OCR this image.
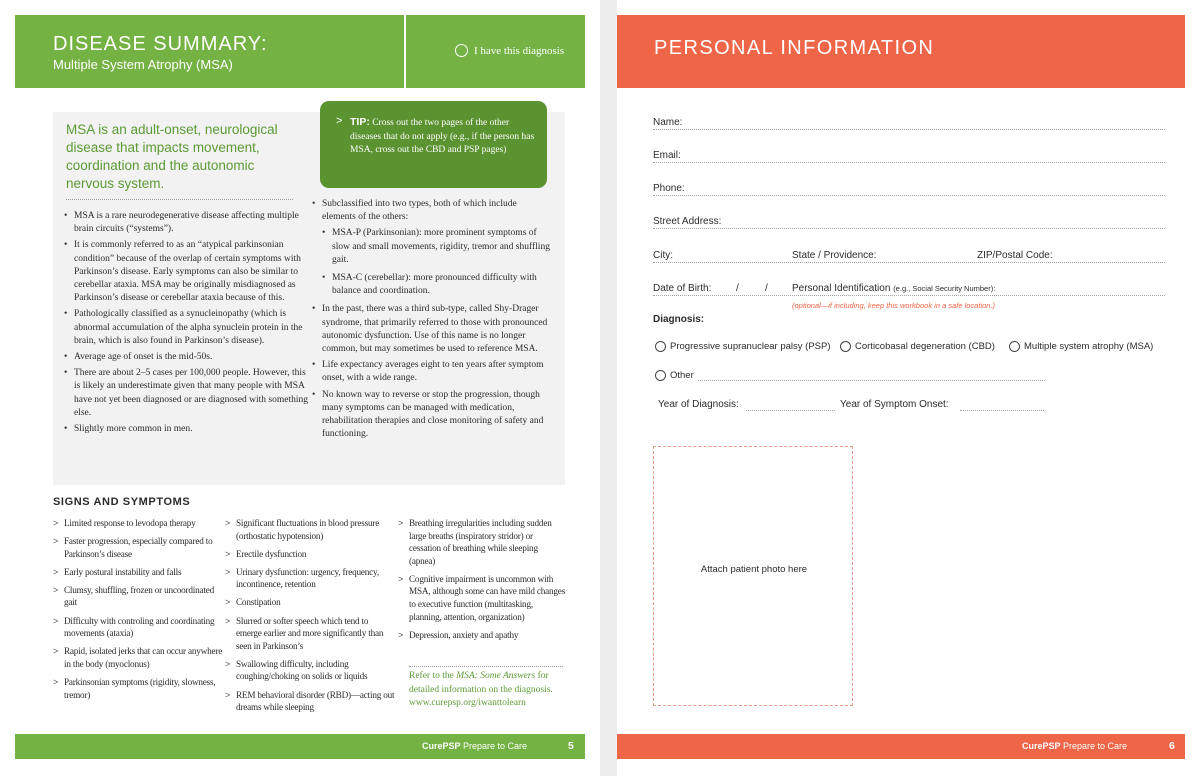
DISEASE SUMMARY:
Multiple System Atrophy (MSA)
I have this diagnosis
MSA is an adult-onset, neurological disease that impacts movement, coordination and the autonomic nervous system.
> TIP: Cross out the two pages of the other diseases that do not apply (e.g., if the person has MSA, cross out the CBD and PSP pages)
• MSA is a rare neurodegenerative disease affecting multiple brain circuits (“systems”).
• It is commonly referred to as an “atypical parkinsonian condition” because of the overlap of certain symptoms with Parkinson’s disease. Early symptoms can also be similar to cerebellar ataxia. MSA may be originally misdiagnosed as Parkinson’s disease or cerebellar ataxia because of this.
• Pathologically classified as a synucleinopathy (which is abnormal accumulation of the alpha synuclein protein in the brain, which is also found in Parkinson’s disease).
• Average age of onset is the mid-50s.
• There are about 2–5 cases per 100,000 people. However, this is likely an underestimate given that many people with MSA have not yet been diagnosed or are diagnosed with something else.
• Slightly more common in men.
• Subclassified into two types, both of which include elements of the others:
• MSA-P (Parkinsonian): more prominent symptoms of slow and small movements, rigidity, tremor and shuffling gait.
• MSA-C (cerebellar): more pronounced difficulty with balance and coordination.
• In the past, there was a third sub-type, called Shy-Drager syndrome, that primarily referred to those with pronounced autonomic dysfunction. Use of this name is no longer common, but may sometimes be used to reference MSA.
• Life expectancy averages eight to ten years after symptom onset, with a wide range.
• No known way to reverse or stop the progression, though many symptoms can be managed with medication, rehabilitation therapies and close monitoring of safety and functioning.
SIGNS AND SYMPTOMS
> Limited response to levodopa therapy
> Faster progression, especially compared to Parkinson’s disease
> Early postural instability and falls
> Clumsy, shuffling, frozen or uncoordinated gait
> Difficulty with controling and coordinating movements (ataxia)
> Rapid, isolated jerks that can occur anywhere in the body (myoclonus)
> Parkinsonian symptoms (rigidity, slowness, tremor)
> Significant fluctuations in blood pressure (orthostatic hypotension)
> Erectile dysfunction
> Urinary dysfunction: urgency, frequency, incontinence, retention
> Constipation
> Slurred or softer speech which tend to emerge earlier and more significantly than seen in Parkinson’s
> Swallowing difficulty, including coughing/choking on solids or liquids
> REM behavioral disorder (RBD)—acting out dreams while sleeping
> Breathing irregularities including sudden large breaths (inspiratory stridor) or cessation of breathing while sleeping (apnea)
> Cognitive impairment is uncommon with MSA, although some can have mild changes to executive function (multitasking, planning, attention, organization)
> Depression, anxiety and apathy
Refer to the MSA: Some Answers for detailed information on the diagnosis. www.curepsp.org/iwanttolearn
CurePSP Prepare to Care	5
PERSONAL INFORMATION
Name:
Email:
Phone:
Street Address:
City:	State / Providence:	ZIP/Postal Code:
Date of Birth: /	/ Personal Identification (e.g., Social Security Number):
(optional—if including, keep this workbook in a safe location.)
Diagnosis:
Progressive supranuclear palsy (PSP)	Corticobasal degeneration (CBD)	Multiple system atrophy (MSA)
Other
Year of Diagnosis:	Year of Symptom Onset:
Attach patient photo here
CurePSP Prepare to Care	6
